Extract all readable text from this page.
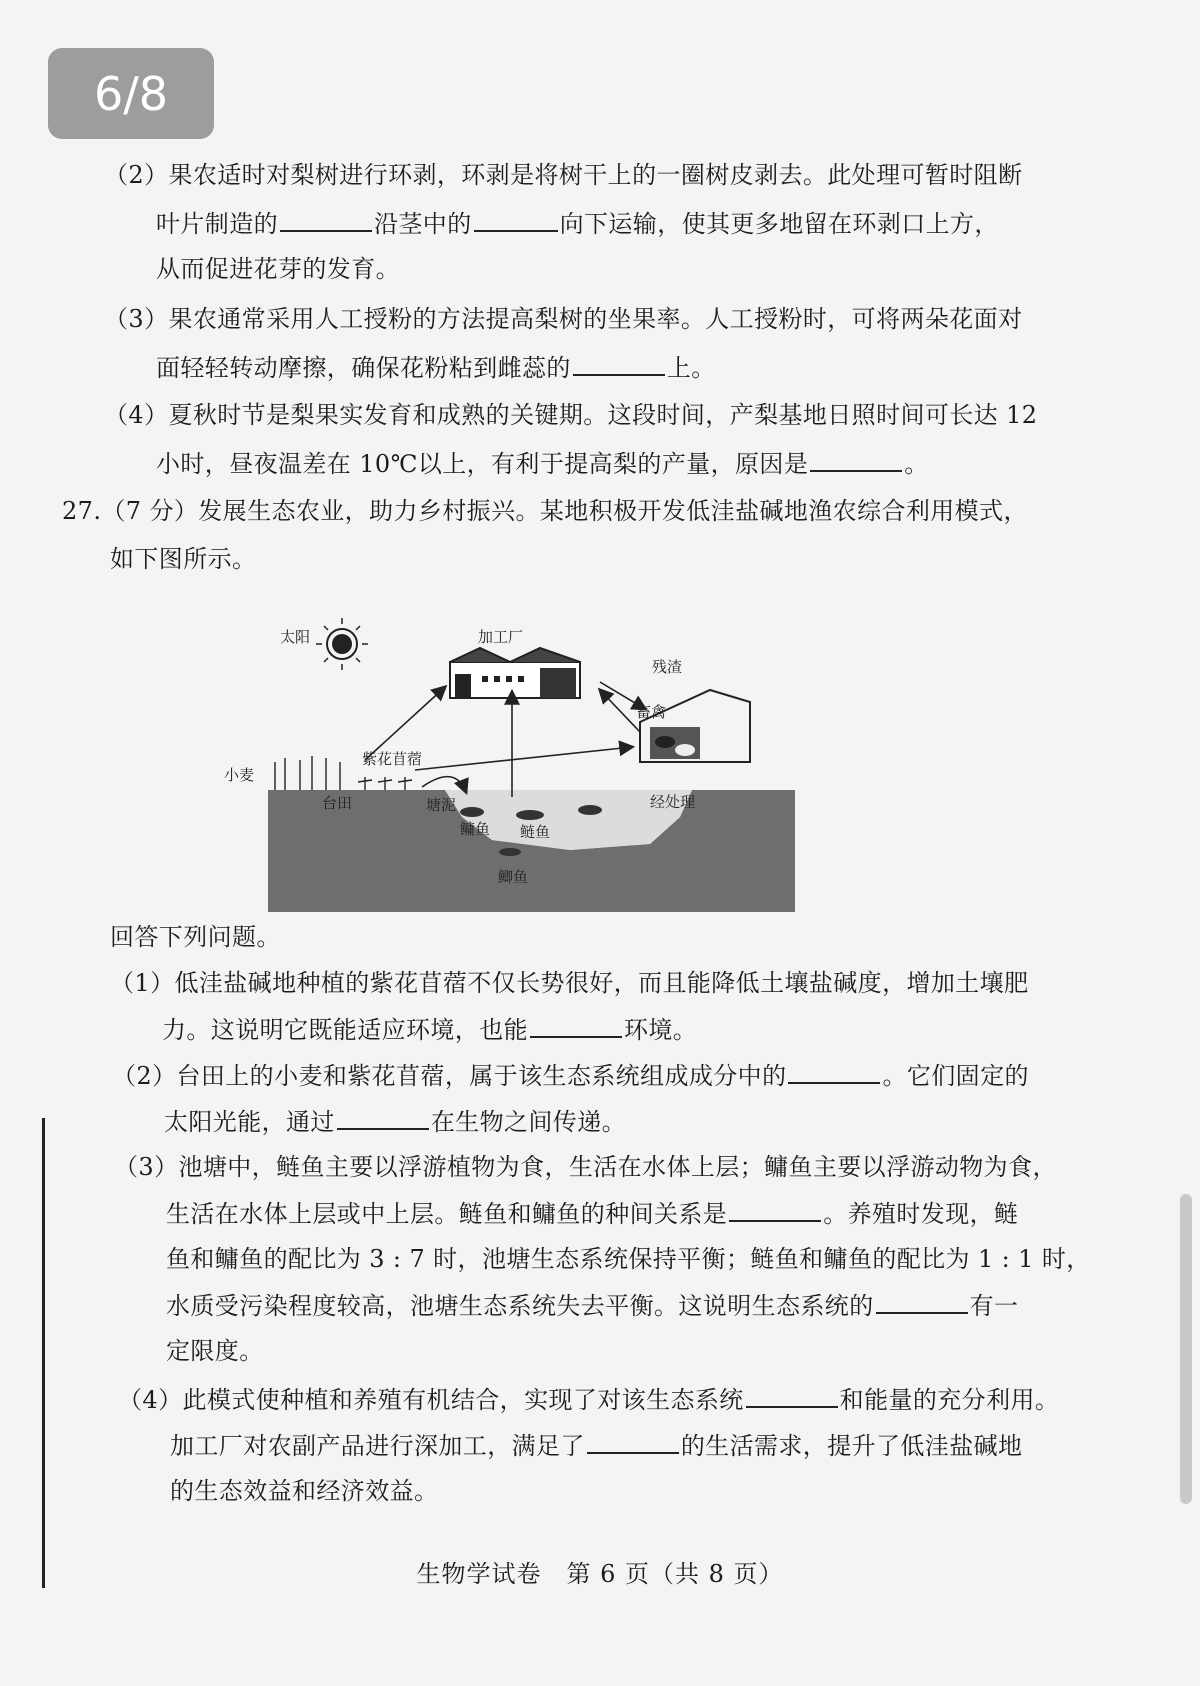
6/8
（2）果农适时对梨树进行环剥，环剥是将树干上的一圈树皮剥去。此处理可暂时阻断
叶片制造的	沿茎中的	向下运输，使其更多地留在环剥口上方，
从而促进花芽的发育。
（3）果农通常采用人工授粉的方法提高梨树的坐果率。人工授粉时，可将两朵花面对
面轻轻转动摩擦，确保花粉粘到雌蕊的	上。
（4）夏秋时节是梨果实发育和成熟的关键期。这段时间，产梨基地日照时间可长达 12
小时，昼夜温差在 10℃以上，有利于提高梨的产量，原因是	。
27.（7 分）发展生态农业，助力乡村振兴。某地积极开发低洼盐碱地渔农综合利用模式，
如下图所示。
太阳	加工厂
畜禽
残渣
小麦
紫花苜蓿
台田	塘泥
鳙鱼 鲢鱼
鲫鱼
经处理
回答下列问题。
（1）低洼盐碱地种植的紫花苜蓿不仅长势很好，而且能降低土壤盐碱度，增加土壤肥
力。这说明它既能适应环境，也能	环境。
（2）台田上的小麦和紫花苜蓿，属于该生态系统组成成分中的	。它们固定的
太阳光能，通过	在生物之间传递。
（3）池塘中，鲢鱼主要以浮游植物为食，生活在水体上层；鳙鱼主要以浮游动物为食，
生活在水体上层或中上层。鲢鱼和鳙鱼的种间关系是	。养殖时发现，鲢
鱼和鳙鱼的配比为 3 : 7 时，池塘生态系统保持平衡；鲢鱼和鳙鱼的配比为 1 : 1 时，
水质受污染程度较高，池塘生态系统失去平衡。这说明生态系统的	有一
定限度。
（4）此模式使种植和养殖有机结合，实现了对该生态系统	和能量的充分利用。
加工厂对农副产品进行深加工，满足了	的生活需求，提升了低洼盐碱地
的生态效益和经济效益。
生物学试卷　第 6 页（共 8 页）
